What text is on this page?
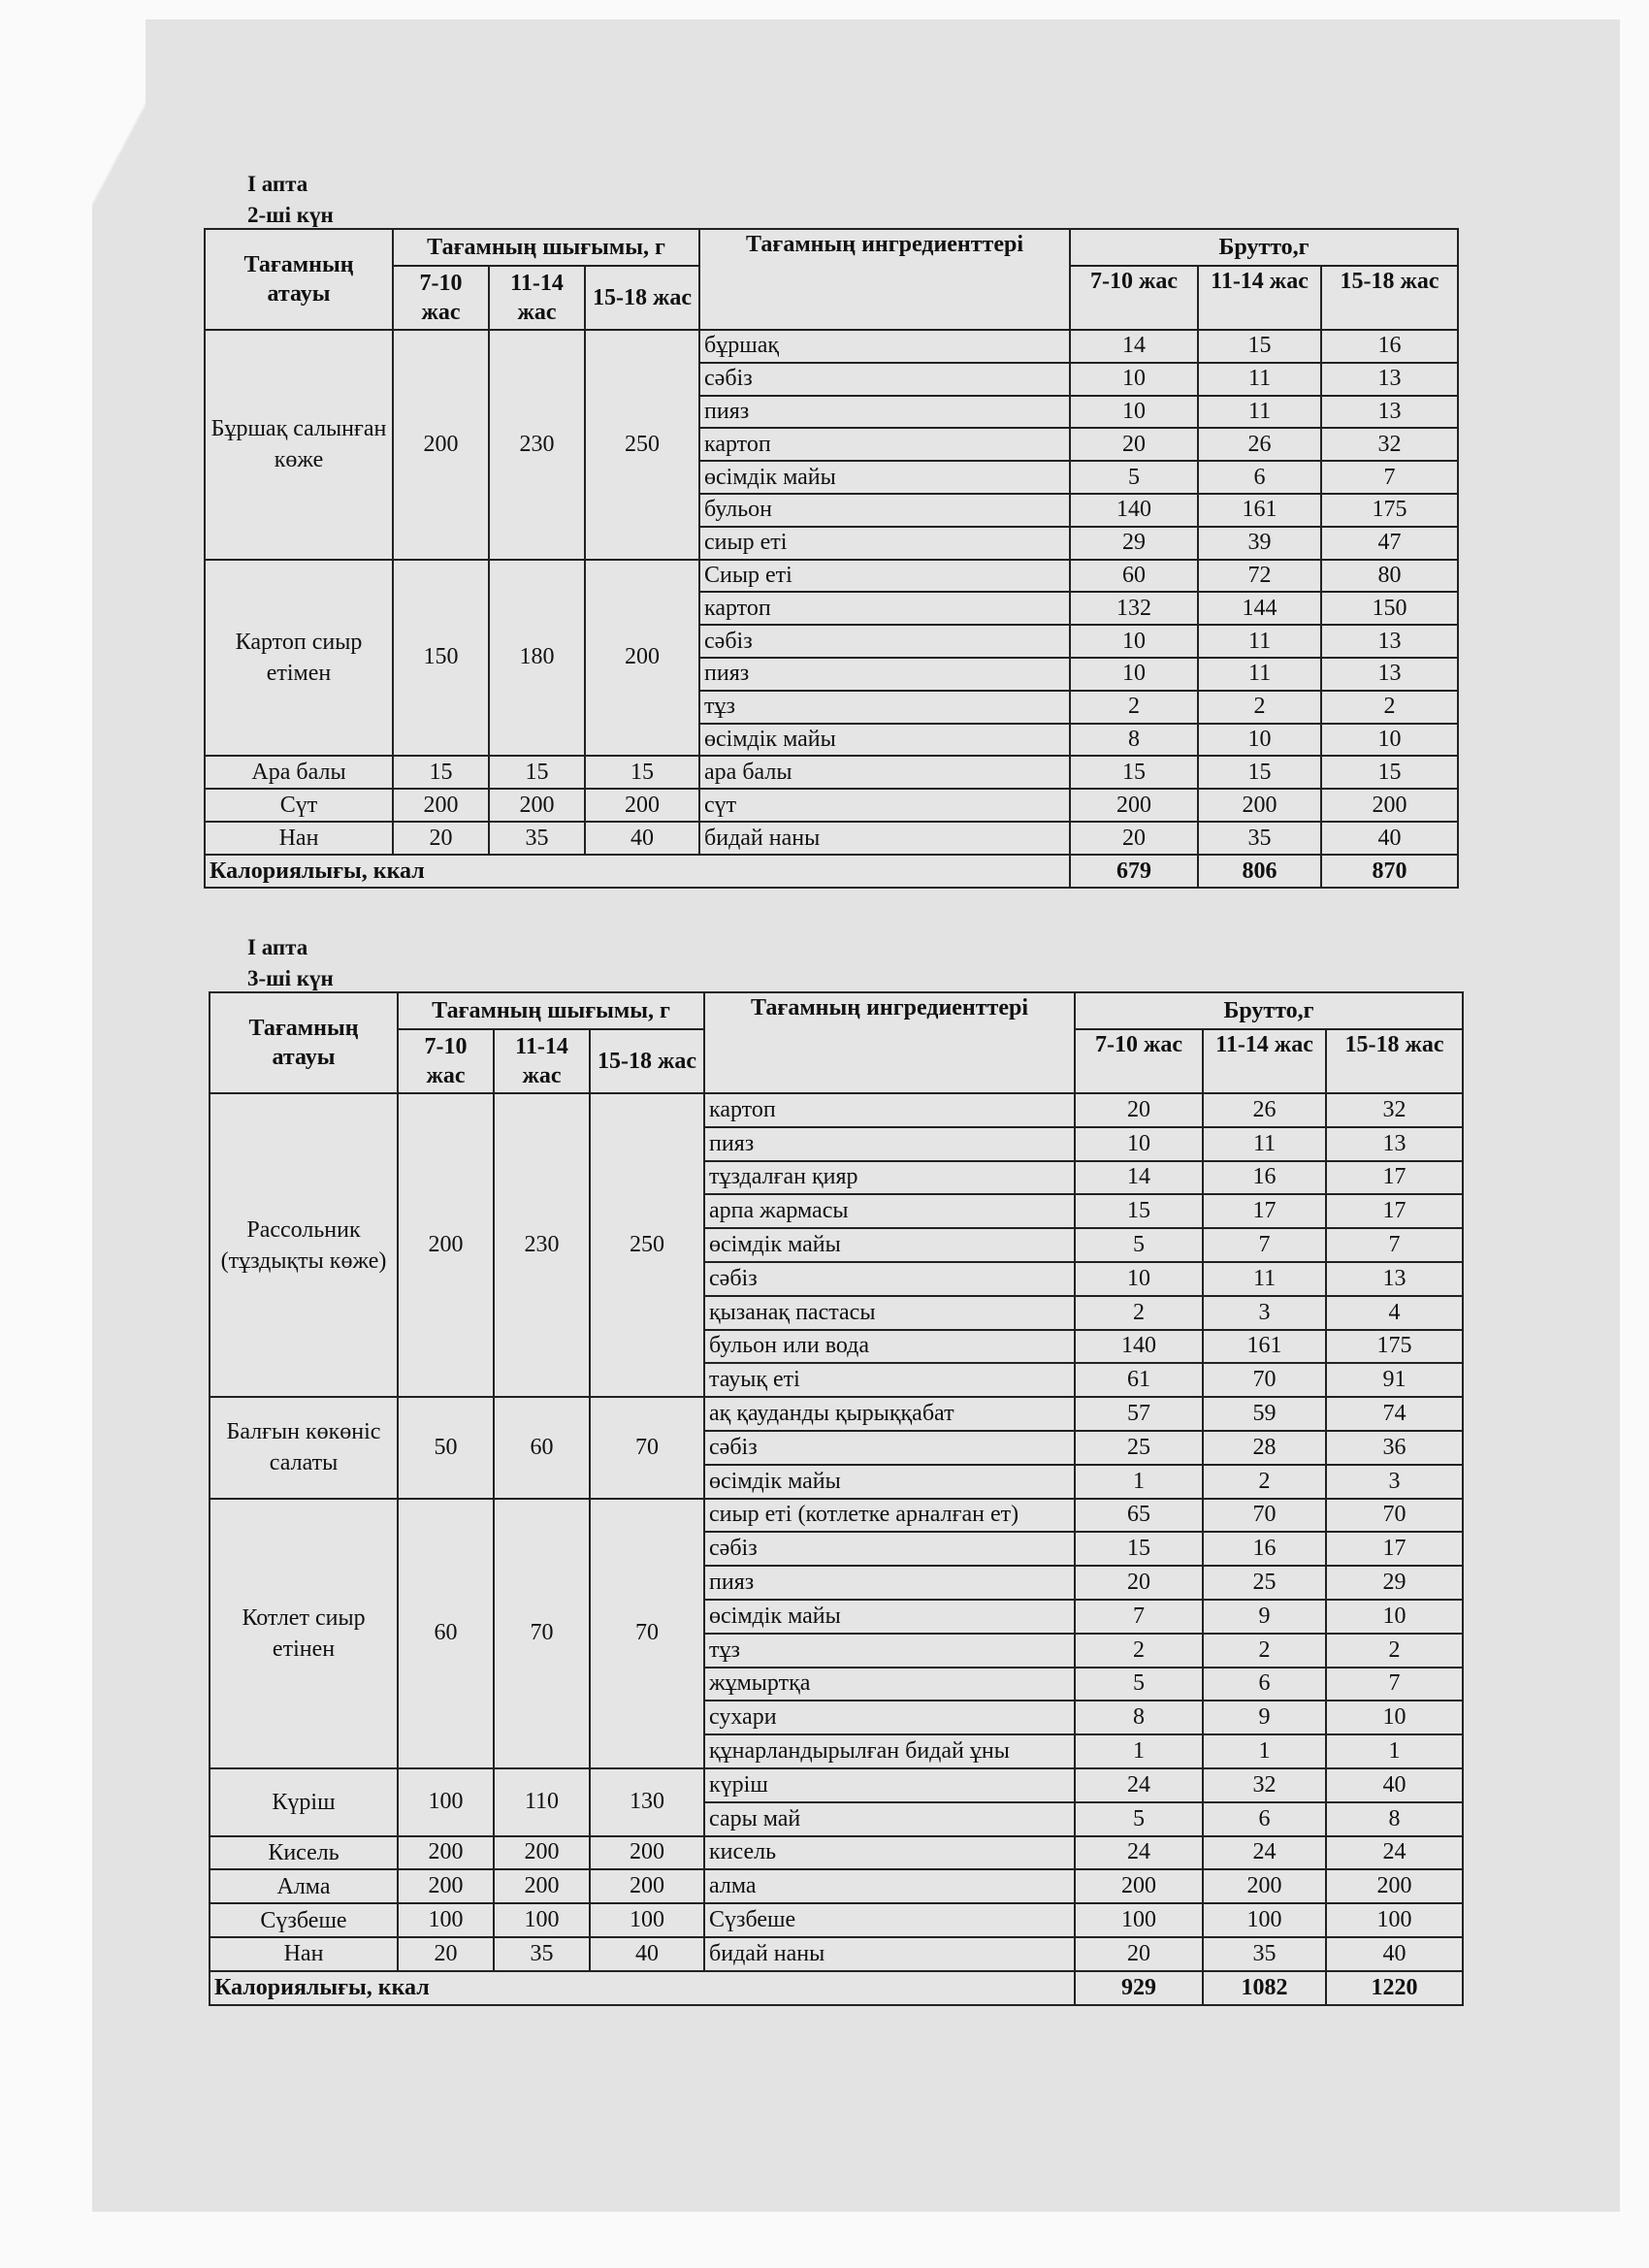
І апта
2-ші күн
Тағамның атауы	Тағамның шығымы, г			Тағамның ингредиенттері	Брутто,г		
	7-10 жас	11-14 жас	15-18 жас		7-10 жас	11-14 жас	15-18 жас
Бұршақ салынған көже	200	230	250	бұршақ	14	15	16
				сәбіз	10	11	13
				пияз	10	11	13
				картоп	20	26	32
				өсімдік майы	5	6	7
				бульон	140	161	175
				сиыр еті	29	39	47
Картоп сиыр етімен	150	180	200	Сиыр еті	60	72	80
				картоп	132	144	150
				сәбіз	10	11	13
				пияз	10	11	13
				тұз	2	2	2
				өсімдік майы	8	10	10
Ара балы	15	15	15	ара балы	15	15	15
Сүт	200	200	200	сүт	200	200	200
Нан	20	35	40	бидай наны	20	35	40
Калориялығы, ккал					679	806	870
І апта
3-ші күн
Тағамның атауы	Тағамның шығымы, г			Тағамның ингредиенттері	Брутто,г		
	7-10 жас	11-14 жас	15-18 жас		7-10 жас	11-14 жас	15-18 жас
Рассольник (тұздықты көже)	200	230	250	картоп	20	26	32
				пияз	10	11	13
				тұздалған қияр	14	16	17
				арпа жармасы	15	17	17
				өсімдік майы	5	7	7
				сәбіз	10	11	13
				қызанақ пастасы	2	3	4
				бульон или вода	140	161	175
				тауық еті	61	70	91
Балғын көкөніс салаты	50	60	70	ақ қауданды қырыққабат	57	59	74
				сәбіз	25	28	36
				өсімдік майы	1	2	3
Котлет сиыр етінен	60	70	70	сиыр еті (котлетке арналған ет)	65	70	70
				сәбіз	15	16	17
				пияз	20	25	29
				өсімдік майы	7	9	10
				тұз	2	2	2
				жұмыртқа	5	6	7
				сухари	8	9	10
				құнарландырылған бидай ұны	1	1	1
Күріш	100	110	130	күріш	24	32	40
				сары май	5	6	8
Кисель	200	200	200	кисель	24	24	24
Алма	200	200	200	алма	200	200	200
Сүзбеше	100	100	100	Сүзбеше	100	100	100
Нан	20	35	40	бидай наны	20	35	40
Калориялығы, ккал					929	1082	1220
